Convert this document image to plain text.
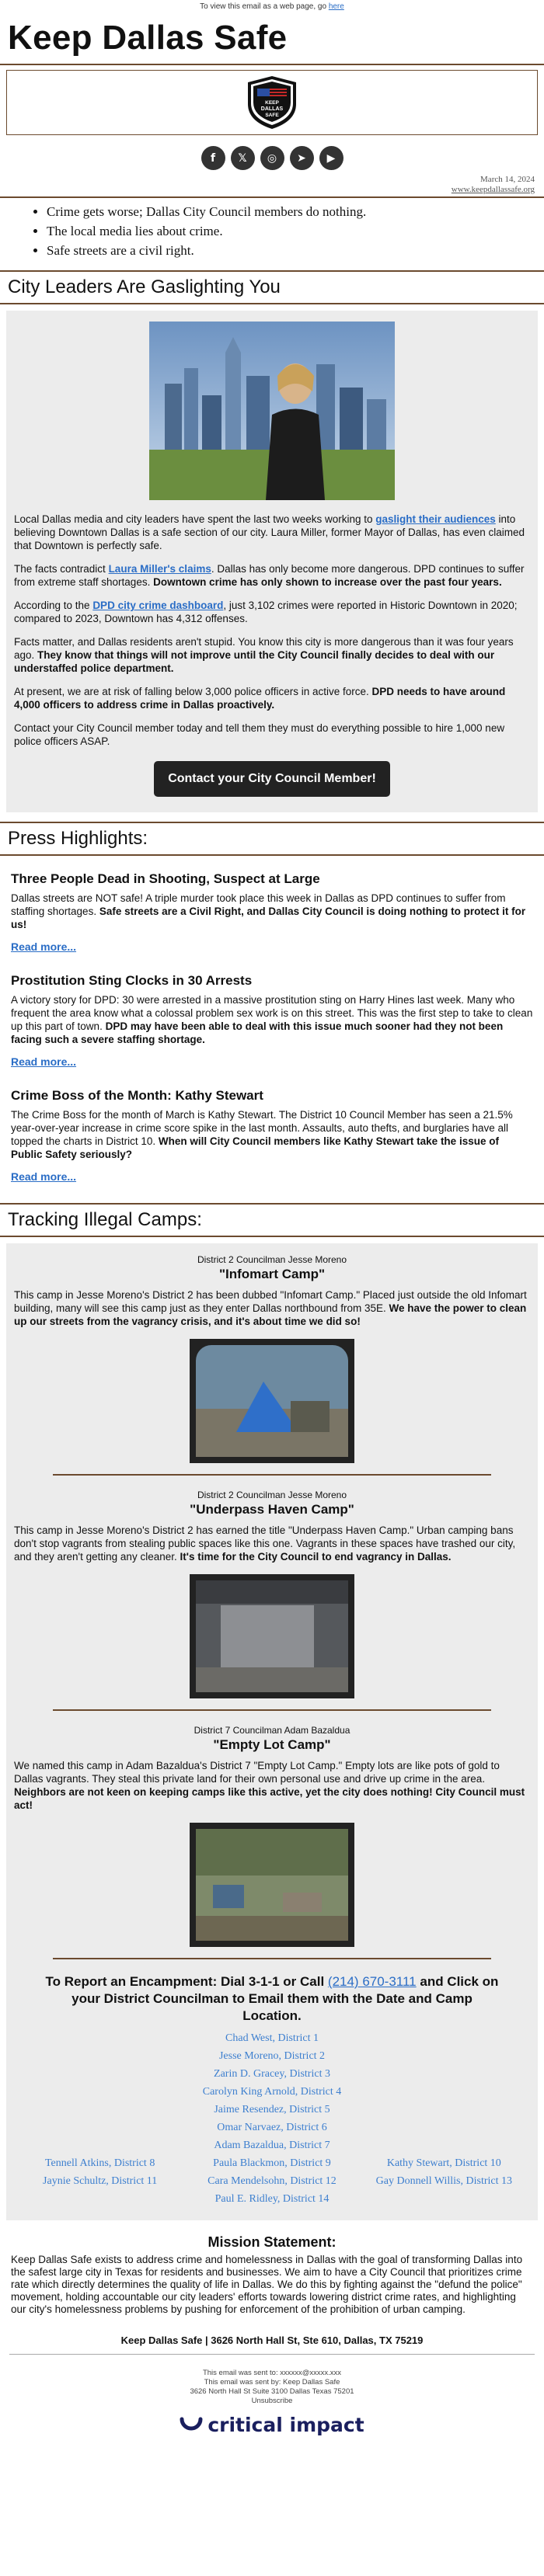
To view this email as a web page, go here
Keep Dallas Safe
KEEP
DALLAS
SAFE
f	𝕏	◎	➤	▶
March 14, 2024
www.keepdallassafe.org
• Crime gets worse; Dallas City Council members do nothing.
• The local media lies about crime.
• Safe streets are a civil right.
City Leaders Are Gaslighting You

Local Dallas media and city leaders have spent the last two weeks working to gaslight their audiences into believing Downtown Dallas is a safe section of our city. Laura Miller, former Mayor of Dallas, has even claimed that Downtown is perfectly safe.

The facts contradict Laura Miller's claims. Dallas has only become more dangerous. DPD continues to suffer from extreme staff shortages. Downtown crime has only shown to increase over the past four years.

According to the DPD city crime dashboard, just 3,102 crimes were reported in Historic Downtown in 2020; compared to 2023, Downtown has 4,312 offenses.

Facts matter, and Dallas residents aren't stupid. You know this city is more dangerous than it was four years ago. They know that things will not improve until the City Council finally decides to deal with our understaffed police department.

At present, we are at risk of falling below 3,000 police officers in active force. DPD needs to have around 4,000 officers to address crime in Dallas proactively.

Contact your City Council member today and tell them they must do everything possible to hire 1,000 new police officers ASAP.

Contact your City Council Member!
Press Highlights:
Three People Dead in Shooting, Suspect at Large

Dallas streets are NOT safe! A triple murder took place this week in Dallas as DPD continues to suffer from staffing shortages. Safe streets are a Civil Right, and Dallas City Council is doing nothing to protect it for us!

Read more...
Prostitution Sting Clocks in 30 Arrests

A victory story for DPD: 30 were arrested in a massive prostitution sting on Harry Hines last week. Many who frequent the area know what a colossal problem sex work is on this street. This was the first step to take to clean up this part of town. DPD may have been able to deal with this issue much sooner had they not been facing such a severe staffing shortage.

Read more...
Crime Boss of the Month: Kathy Stewart

The Crime Boss for the month of March is Kathy Stewart. The District 10 Council Member has seen a 21.5% year-over-year increase in crime score spike in the last month. Assaults, auto thefts, and burglaries have all topped the charts in District 10. When will City Council members like Kathy Stewart take the issue of Public Safety seriously?

Read more...
Tracking Illegal Camps:
District 2 Councilman Jesse Moreno
"Infomart Camp"

This camp in Jesse Moreno's District 2 has been dubbed "Infomart Camp." Placed just outside the old Infomart building, many will see this camp just as they enter Dallas northbound from 35E. We have the power to clean up our streets from the vagrancy crisis, and it's about time we did so!

District 2 Councilman Jesse Moreno
"Underpass Haven Camp"

This camp in Jesse Moreno's District 2 has earned the title "Underpass Haven Camp." Urban camping bans don't stop vagrants from stealing public spaces like this one. Vagrants in these spaces have trashed our city, and they aren't getting any cleaner. It's time for the City Council to end vagrancy in Dallas.

District 7 Councilman Adam Bazaldua
"Empty Lot Camp"

We named this camp in Adam Bazaldua's District 7 "Empty Lot Camp." Empty lots are like pots of gold to Dallas vagrants. They steal this private land for their own personal use and drive up crime in the area. Neighbors are not keen on keeping camps like this active, yet the city does nothing! City Council must act!

To Report an Encampment: Dial 3-1-1 or Call (214) 670-3111 and Click on your District Councilman to Email them with the Date and Camp Location.
Chad West, District 1
Jesse Moreno, District 2
Zarin D. Gracey, District 3
Carolyn King Arnold, District 4
Jaime Resendez, District 5
Omar Narvaez, District 6
Adam Bazaldua, District 7
Tennell Atkins, District 8	Paula Blackmon, District 9	Kathy Stewart, District 10
Jaynie Schultz, District 11	Cara Mendelsohn, District 12	Gay Donnell Willis, District 13
Paul E. Ridley, District 14
Mission Statement:

Keep Dallas Safe exists to address crime and homelessness in Dallas with the goal of transforming Dallas into the safest large city in Texas for residents and businesses. We aim to have a City Council that prioritizes crime rate which directly determines the quality of life in Dallas. We do this by fighting against the "defund the police" movement, holding accountable our city leaders' efforts towards lowering district crime rates, and highlighting our city's homelessness problems by pushing for enforcement of the prohibition of urban camping.

Keep Dallas Safe | 3626 North Hall St, Ste 610, Dallas, TX 75219
This email was sent to: xxxxxx@xxxxx.xxx
This email was sent by: Keep Dallas Safe
3626 North Hall St Suite 3100 Dallas Texas 75201
Unsubscribe
critical impact
